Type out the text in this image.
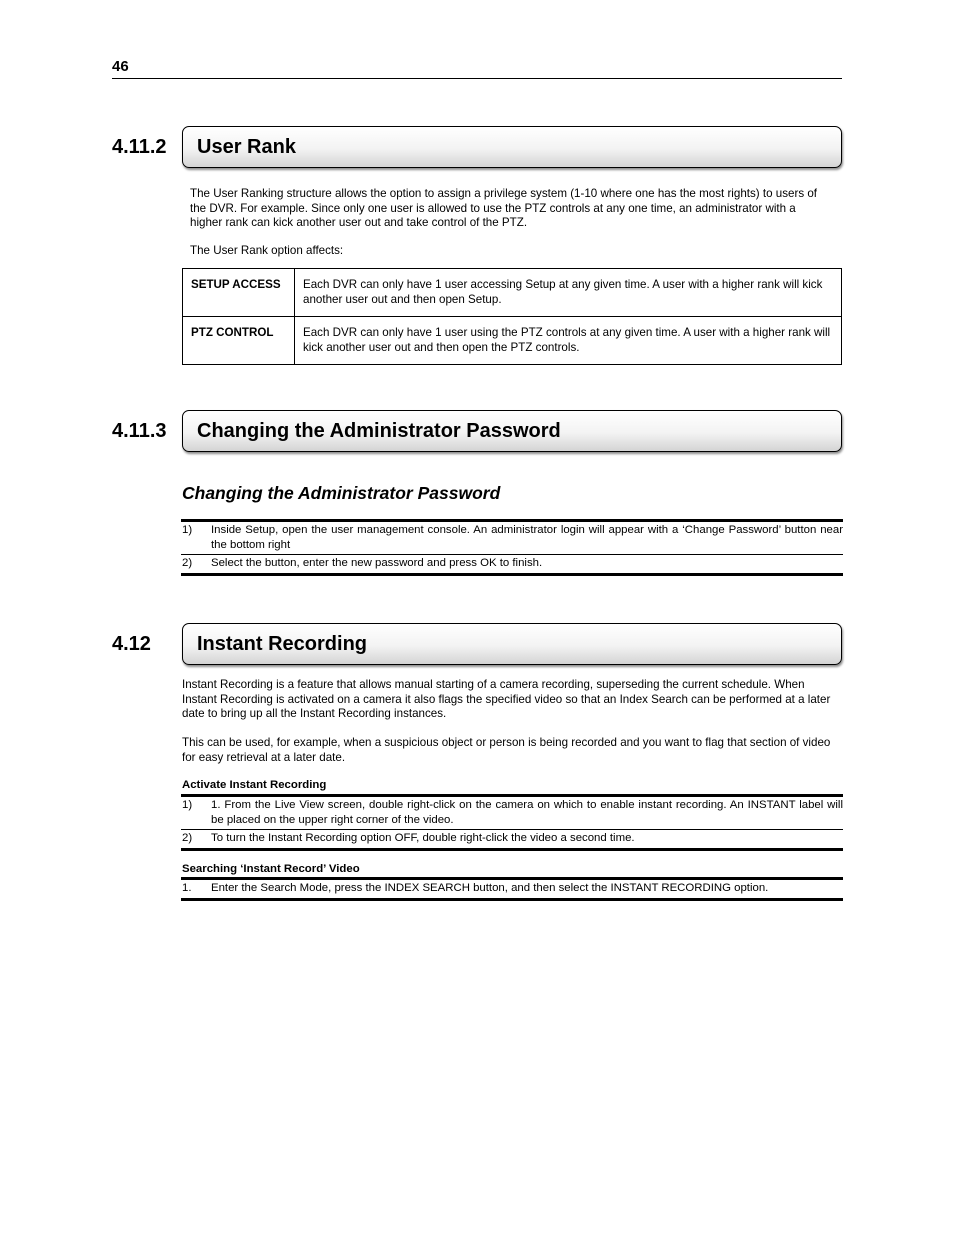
46
4.11.2 User Rank

The User Ranking structure allows the option to assign a privilege system (1-10 where one has the most rights) to users of the DVR. For example. Since only one user is allowed to use the PTZ controls at any one time, an administrator with a higher rank can kick another user out and take control of the PTZ.

The User Rank option affects:

SETUP ACCESS	Each DVR can only have 1 user accessing Setup at any given time. A user with a higher rank will kick another user out and then open Setup.
PTZ CONTROL	Each DVR can only have 1 user using the PTZ controls at any given time. A user with a higher rank will kick another user out and then open the PTZ controls.
4.11.3 Changing the Administrator Password
Changing the Administrator Password
1)	Inside Setup, open the user management console. An administrator login will appear with a ‘Change Password’ button near the bottom right
2)	Select the button, enter the new password and press OK to finish.
4.12 Instant Recording

Instant Recording is a feature that allows manual starting of a camera recording, superseding the current schedule. When Instant Recording is activated on a camera it also flags the specified video so that an Index Search can be performed at a later date to bring up all the Instant Recording instances.

This can be used, for example, when a suspicious object or person is being recorded and you want to flag that section of video for easy retrieval at a later date.

Activate Instant Recording
1)	1. From the Live View screen, double right-click on the camera on which to enable instant recording. An INSTANT label will be placed on the upper right corner of the video.
2)	To turn the Instant Recording option OFF, double right-click the video a second time.
Searching ‘Instant Record’ Video
1.	Enter the Search Mode, press the INDEX SEARCH button, and then select the INSTANT RECORDING option.
